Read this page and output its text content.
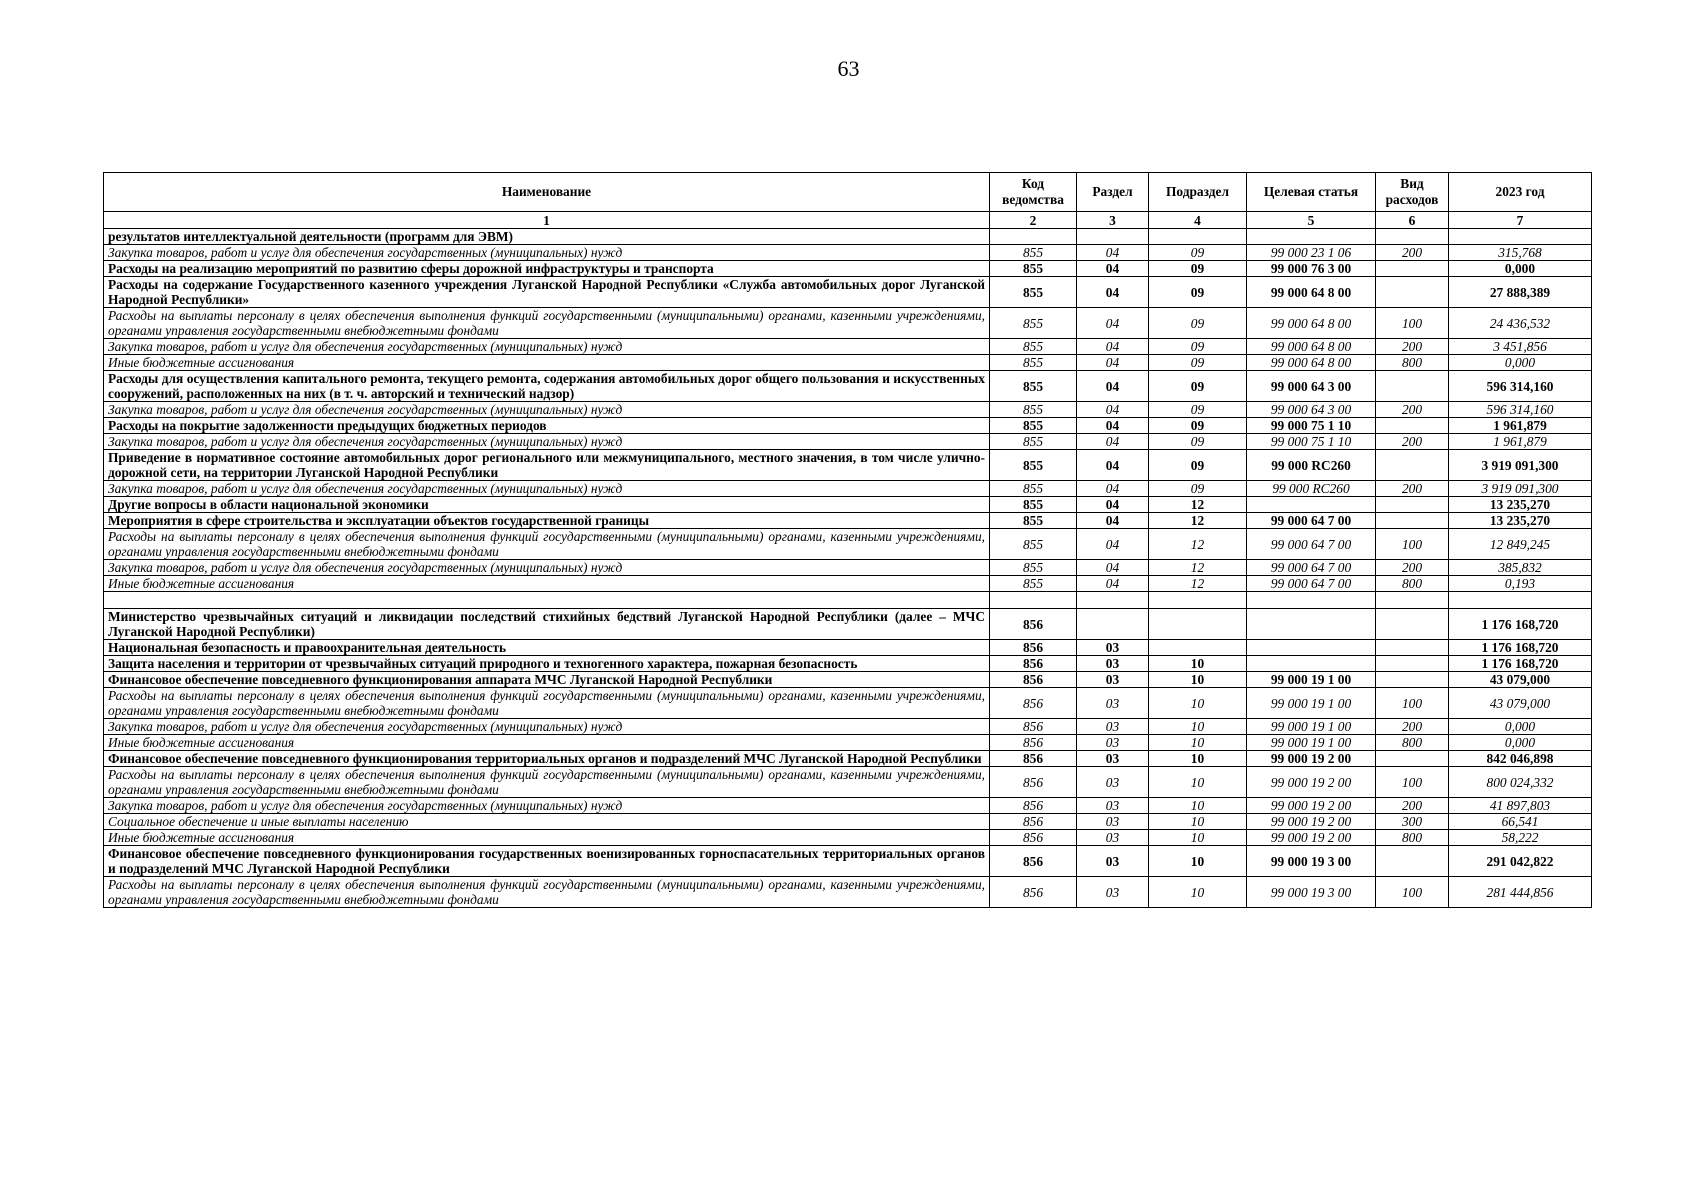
63
Наименование	Код ведомства	Раздел	Подраздел	Целевая статья	Вид расходов	2023 год
1	2	3	4	5	6	7
результатов интеллектуальной деятельности (программ для ЭВМ)						
Закупка товаров, работ и услуг для обеспечения государственных (муниципальных) нужд	855	04	09	99 000 23 1 06	200	315,768
Расходы на реализацию мероприятий по развитию сферы дорожной инфраструктуры и транспорта	855	04	09	99 000 76 3 00		0,000
Расходы на содержание Государственного казенного учреждения Луганской Народной Республики «Служба автомобильных дорог Луганской Народной Республики»	855	04	09	99 000 64 8 00		27 888,389
Расходы на выплаты персоналу в целях обеспечения выполнения функций государственными (муниципальными) органами, казенными учреждениями, органами управления государственными внебюджетными фондами	855	04	09	99 000 64 8 00	100	24 436,532
Закупка товаров, работ и услуг для обеспечения государственных (муниципальных) нужд	855	04	09	99 000 64 8 00	200	3 451,856
Иные бюджетные ассигнования	855	04	09	99 000 64 8 00	800	0,000
Расходы для осуществления капитального ремонта, текущего ремонта, содержания автомобильных дорог общего пользования и искусственных сооружений, расположенных на них (в т. ч. авторский и технический надзор)	855	04	09	99 000 64 3 00		596 314,160
Закупка товаров, работ и услуг для обеспечения государственных (муниципальных) нужд	855	04	09	99 000 64 3 00	200	596 314,160
Расходы на покрытие задолженности предыдущих бюджетных периодов	855	04	09	99 000 75 1 10		1 961,879
Закупка товаров, работ и услуг для обеспечения государственных (муниципальных) нужд	855	04	09	99 000 75 1 10	200	1 961,879
Приведение в нормативное состояние автомобильных дорог регионального или межмуниципального, местного значения, в том числе улично-дорожной сети, на территории Луганской Народной Республики	855	04	09	99 000 RC260		3 919 091,300
Закупка товаров, работ и услуг для обеспечения государственных (муниципальных) нужд	855	04	09	99 000 RC260	200	3 919 091,300
Другие вопросы в области национальной экономики	855	04	12			13 235,270
Мероприятия в сфере строительства и эксплуатации объектов государственной границы	855	04	12	99 000 64 7 00		13 235,270
Расходы на выплаты персоналу в целях обеспечения выполнения функций государственными (муниципальными) органами, казенными учреждениями, органами управления государственными внебюджетными фондами	855	04	12	99 000 64 7 00	100	12 849,245
Закупка товаров, работ и услуг для обеспечения государственных (муниципальных) нужд	855	04	12	99 000 64 7 00	200	385,832
Иные бюджетные ассигнования	855	04	12	99 000 64 7 00	800	0,193

Министерство чрезвычайных ситуаций и ликвидации последствий стихийных бедствий Луганской Народной Республики (далее – МЧС Луганской Народной Республики)	856					1 176 168,720
Национальная безопасность и правоохранительная деятельность	856	03				1 176 168,720
Защита населения и территории от чрезвычайных ситуаций природного и техногенного характера, пожарная безопасность	856	03	10			1 176 168,720
Финансовое обеспечение повседневного функционирования аппарата МЧС Луганской Народной Республики	856	03	10	99 000 19 1 00		43 079,000
Расходы на выплаты персоналу в целях обеспечения выполнения функций государственными (муниципальными) органами, казенными учреждениями, органами управления государственными внебюджетными фондами	856	03	10	99 000 19 1 00	100	43 079,000
Закупка товаров, работ и услуг для обеспечения государственных (муниципальных) нужд	856	03	10	99 000 19 1 00	200	0,000
Иные бюджетные ассигнования	856	03	10	99 000 19 1 00	800	0,000
Финансовое обеспечение повседневного функционирования территориальных органов и подразделений МЧС Луганской Народной Республики	856	03	10	99 000 19 2 00		842 046,898
Расходы на выплаты персоналу в целях обеспечения выполнения функций государственными (муниципальными) органами, казенными учреждениями, органами управления государственными внебюджетными фондами	856	03	10	99 000 19 2 00	100	800 024,332
Закупка товаров, работ и услуг для обеспечения государственных (муниципальных) нужд	856	03	10	99 000 19 2 00	200	41 897,803
Социальное обеспечение и иные выплаты населению	856	03	10	99 000 19 2 00	300	66,541
Иные бюджетные ассигнования	856	03	10	99 000 19 2 00	800	58,222
Финансовое обеспечение повседневного функционирования государственных военизированных горноспасательных территориальных органов и подразделений МЧС Луганской Народной Республики	856	03	10	99 000 19 3 00		291 042,822
Расходы на выплаты персоналу в целях обеспечения выполнения функций государственными (муниципальными) органами, казенными учреждениями, органами управления государственными внебюджетными фондами	856	03	10	99 000 19 3 00	100	281 444,856
